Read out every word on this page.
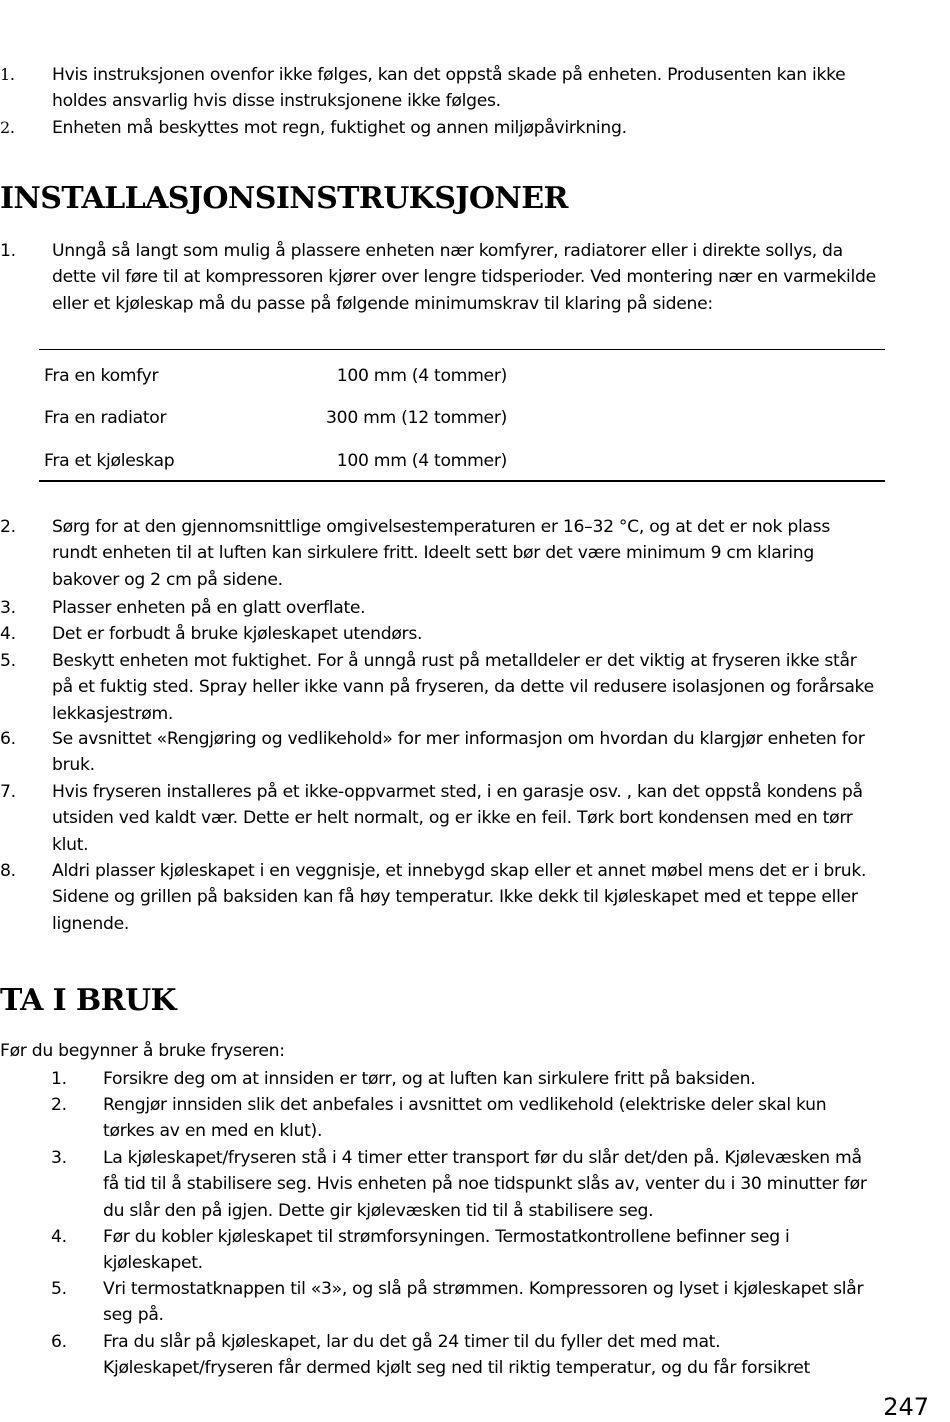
1. Hvis instruksjonen ovenfor ikke følges, kan det oppstå skade på enheten. Produsenten kan ikke holdes ansvarlig hvis disse instruksjonene ikke følges.
2. Enheten må beskyttes mot regn, fuktighet og annen miljøpåvirkning.
INSTALLASJONSINSTRUKSJONER
1. Unngå så langt som mulig å plassere enheten nær komfyrer, radiatorer eller i direkte sollys, da dette vil føre til at kompressoren kjører over lengre tidsperioder. Ved montering nær en varmekilde eller et kjøleskap må du passe på følgende minimumskrav til klaring på sidene:
Fra en komfyr	100 mm (4 tommer)
Fra en radiator	300 mm (12 tommer)
Fra et kjøleskap	100 mm (4 tommer)
2. Sørg for at den gjennomsnittlige omgivelsestemperaturen er 16–32 °C, og at det er nok plass rundt enheten til at luften kan sirkulere fritt. Ideelt sett bør det være minimum 9 cm klaring bakover og 2 cm på sidene.
3. Plasser enheten på en glatt overflate.
4. Det er forbudt å bruke kjøleskapet utendørs.
5. Beskytt enheten mot fuktighet. For å unngå rust på metalldeler er det viktig at fryseren ikke står på et fuktig sted. Spray heller ikke vann på fryseren, da dette vil redusere isolasjonen og forårsake lekkasjestrøm.
6. Se avsnittet «Rengjøring og vedlikehold» for mer informasjon om hvordan du klargjør enheten for bruk.
7. Hvis fryseren installeres på et ikke-oppvarmet sted, i en garasje osv. , kan det oppstå kondens på utsiden ved kaldt vær. Dette er helt normalt, og er ikke en feil. Tørk bort kondensen med en tørr klut.
8. Aldri plasser kjøleskapet i en veggnisje, et innebygd skap eller et annet møbel mens det er i bruk. Sidene og grillen på baksiden kan få høy temperatur. Ikke dekk til kjøleskapet med et teppe eller lignende.
TA I BRUK
Før du begynner å bruke fryseren:
1. Forsikre deg om at innsiden er tørr, og at luften kan sirkulere fritt på baksiden.
2. Rengjør innsiden slik det anbefales i avsnittet om vedlikehold (elektriske deler skal kun tørkes av en med en klut).
3. La kjøleskapet/fryseren stå i 4 timer etter transport før du slår det/den på. Kjølevæsken må få tid til å stabilisere seg. Hvis enheten på noe tidspunkt slås av, venter du i 30 minutter før du slår den på igjen. Dette gir kjølevæsken tid til å stabilisere seg.
4. Før du kobler kjøleskapet til strømforsyningen. Termostatkontrollene befinner seg i kjøleskapet.
5. Vri termostatknappen til «3», og slå på strømmen. Kompressoren og lyset i kjøleskapet slår seg på.
6. Fra du slår på kjøleskapet, lar du det gå 24 timer til du fyller det med mat. Kjøleskapet/fryseren får dermed kjølt seg ned til riktig temperatur, og du får forsikret
247
